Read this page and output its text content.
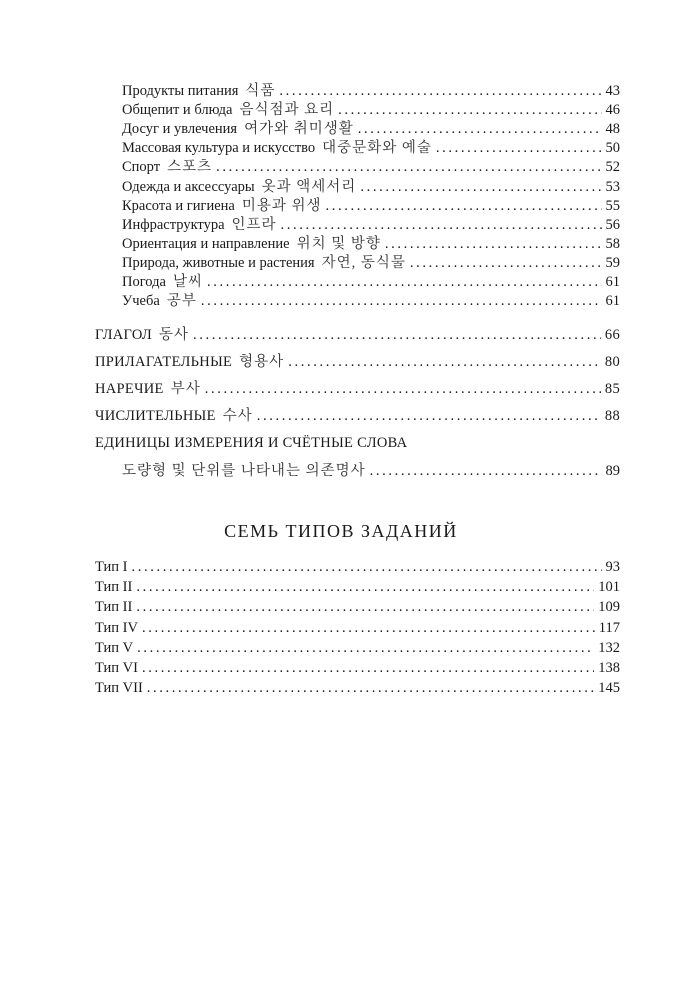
Продукты питания 식품 . . .	43
Общепит и блюда 음식점과 요리 . . .	46
Досуг и увлечения 여가와 취미생활 . . .	48
Массовая культура и искусство 대중문화와 예술 . . .	50
Спорт 스포츠 . . .	52
Одежда и аксессуары 옷과 액세서리 . . .	53
Красота и гигиена 미용과 위생 . . .	55
Инфраструктура 인프라 . . .	56
Ориентация и направление 위치 및 방향 . . .	58
Природа, животные и растения 자연, 동식물 . . .	59
Погода 날씨 . . .	61
Учеба 공부 . . .	61
ГЛАГОЛ 동사 . . .	66
ПРИЛАГАТЕЛЬНЫЕ 형용사 . . .	80
НАРЕЧИЕ 부사 . . .	85
ЧИСЛИТЕЛЬНЫЕ 수사 . . .	88
ЕДИНИЦЫ ИЗМЕРЕНИЯ И СЧЁТНЫЕ СЛОВА
도량형 및 단위를 나타내는 의존명사 . . .	89
Тип I . . .	93
Тип II . . .	101
Тип II . . .	109
Тип IV . . .	117
Тип V . . .	132
Тип VI . . .	138
Тип VII . . .	145
СЕМЬ ТИПОВ ЗАДАНИЙ
